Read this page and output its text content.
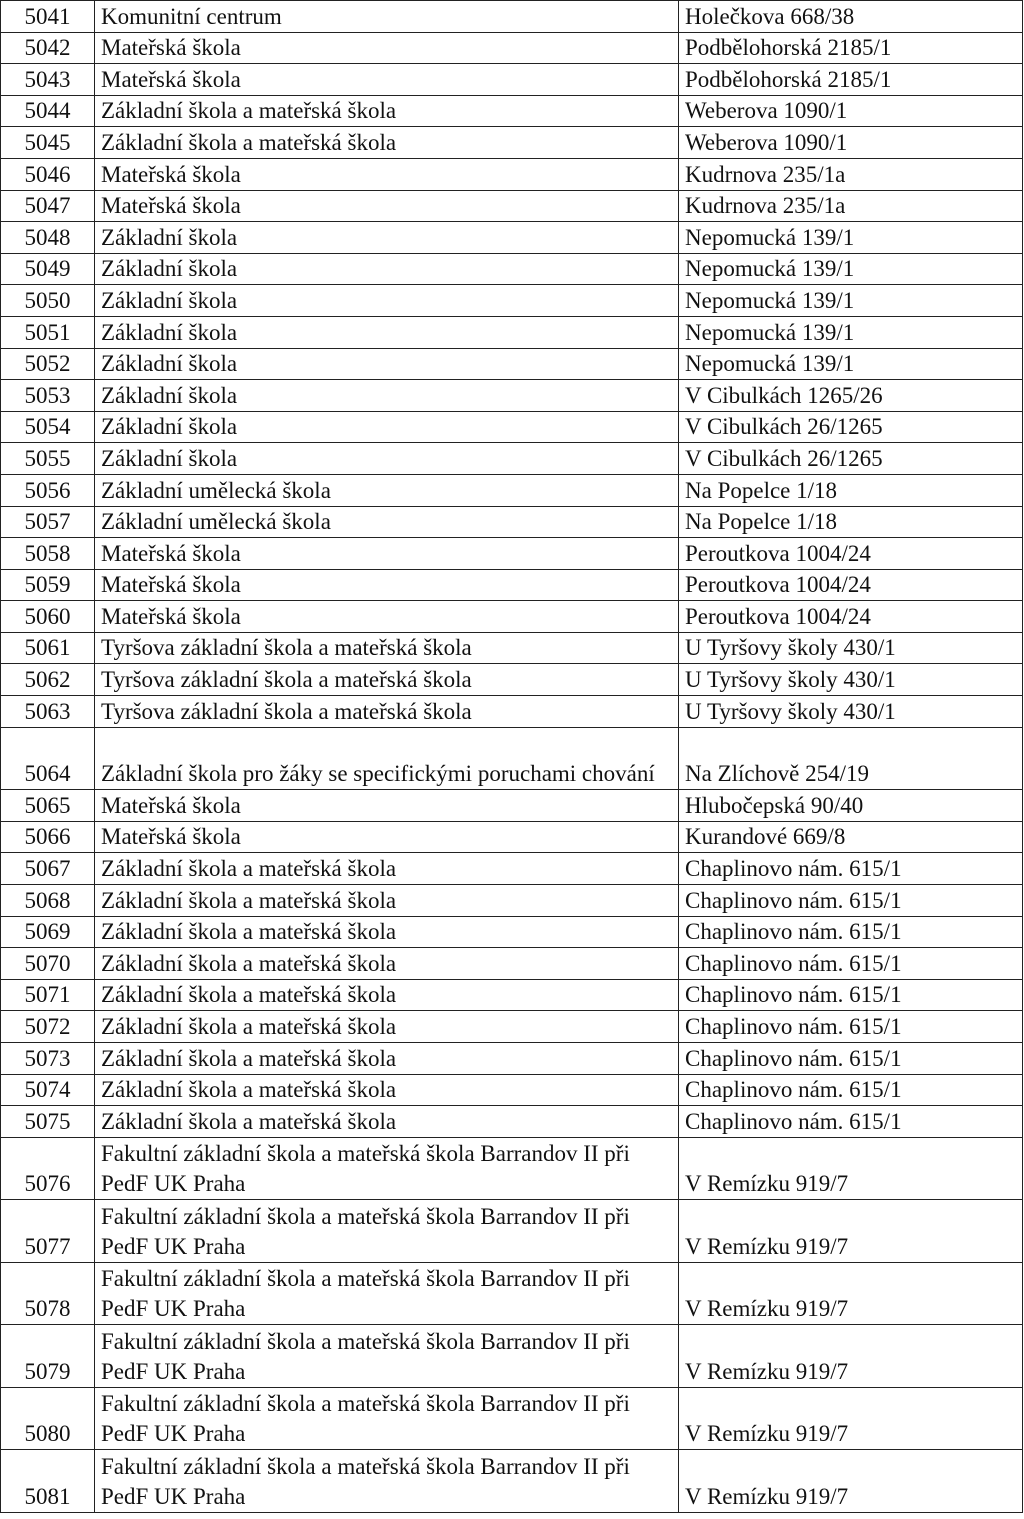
5041	Komunitní centrum	Holečkova 668/38
5042	Mateřská škola	Podbělohorská 2185/1
5043	Mateřská škola	Podbělohorská 2185/1
5044	Základní škola a mateřská škola	Weberova 1090/1
5045	Základní škola a mateřská škola	Weberova 1090/1
5046	Mateřská škola	Kudrnova 235/1a
5047	Mateřská škola	Kudrnova 235/1a
5048	Základní škola	Nepomucká 139/1
5049	Základní škola	Nepomucká 139/1
5050	Základní škola	Nepomucká 139/1
5051	Základní škola	Nepomucká 139/1
5052	Základní škola	Nepomucká 139/1
5053	Základní škola	V Cibulkách 1265/26
5054	Základní škola	V Cibulkách 26/1265
5055	Základní škola	V Cibulkách 26/1265
5056	Základní umělecká škola	Na Popelce 1/18
5057	Základní umělecká škola	Na Popelce 1/18
5058	Mateřská škola	Peroutkova 1004/24
5059	Mateřská škola	Peroutkova 1004/24
5060	Mateřská škola	Peroutkova 1004/24
5061	Tyršova základní škola a mateřská škola	U Tyršovy školy 430/1
5062	Tyršova základní škola a mateřská škola	U Tyršovy školy 430/1
5063	Tyršova základní škola a mateřská škola	U Tyršovy školy 430/1
5064	Základní škola pro žáky se specifickými poruchami chování	Na Zlíchově 254/19
5065	Mateřská škola	Hlubočepská 90/40
5066	Mateřská škola	Kurandové 669/8
5067	Základní škola a mateřská škola	Chaplinovo nám. 615/1
5068	Základní škola a mateřská škola	Chaplinovo nám. 615/1
5069	Základní škola a mateřská škola	Chaplinovo nám. 615/1
5070	Základní škola a mateřská škola	Chaplinovo nám. 615/1
5071	Základní škola a mateřská škola	Chaplinovo nám. 615/1
5072	Základní škola a mateřská škola	Chaplinovo nám. 615/1
5073	Základní škola a mateřská škola	Chaplinovo nám. 615/1
5074	Základní škola a mateřská škola	Chaplinovo nám. 615/1
5075	Základní škola a mateřská škola	Chaplinovo nám. 615/1
5076	Fakultní základní škola a mateřská škola Barrandov II při PedF UK Praha	V Remízku 919/7
5077	Fakultní základní škola a mateřská škola Barrandov II při PedF UK Praha	V Remízku 919/7
5078	Fakultní základní škola a mateřská škola Barrandov II při PedF UK Praha	V Remízku 919/7
5079	Fakultní základní škola a mateřská škola Barrandov II při PedF UK Praha	V Remízku 919/7
5080	Fakultní základní škola a mateřská škola Barrandov II při PedF UK Praha	V Remízku 919/7
5081	Fakultní základní škola a mateřská škola Barrandov II při PedF UK Praha	V Remízku 919/7
